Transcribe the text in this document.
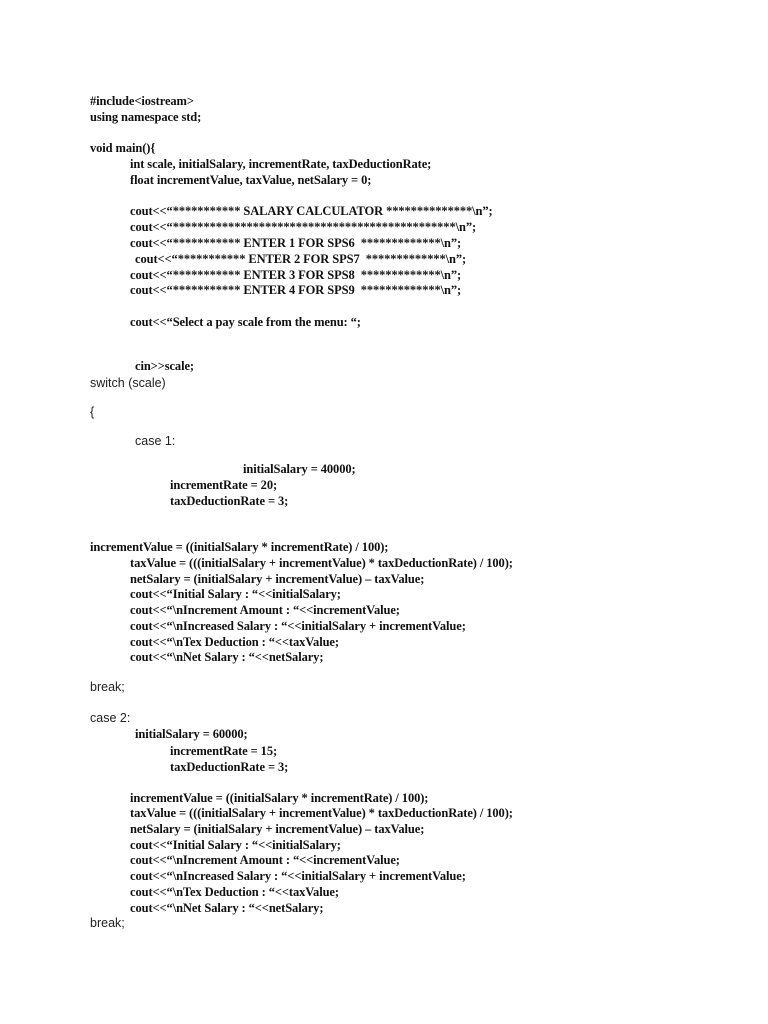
#include<iostream>
using namespace std;
void main(){
int scale, initialSalary, incrementRate, taxDeductionRate;
float incrementValue, taxValue, netSalary = 0;
cout<<“*********** SALARY CALCULATOR **************\n”;
cout<<“**********************************************\n”;
cout<<“*********** ENTER 1 FOR SPS6  *************\n”;
cout<<“*********** ENTER 2 FOR SPS7  *************\n”;
cout<<“*********** ENTER 3 FOR SPS8  *************\n”;
cout<<“*********** ENTER 4 FOR SPS9  *************\n”;
cout<<“Select a pay scale from the menu: “;
cin>>scale;
switch (scale)
{
case 1:
initialSalary = 40000;
incrementRate = 20;
taxDeductionRate = 3;
incrementValue = ((initialSalary * incrementRate) / 100);
taxValue = (((initialSalary + incrementValue) * taxDeductionRate) / 100);
netSalary = (initialSalary + incrementValue) – taxValue;
cout<<“Initial Salary : “<<initialSalary;
cout<<“\nIncrement Amount : “<<incrementValue;
cout<<“\nIncreased Salary : “<<initialSalary + incrementValue;
cout<<“\nTex Deduction : “<<taxValue;
cout<<“\nNet Salary : “<<netSalary;
break;
case 2:
initialSalary = 60000;
incrementRate = 15;
taxDeductionRate = 3;
incrementValue = ((initialSalary * incrementRate) / 100);
taxValue = (((initialSalary + incrementValue) * taxDeductionRate) / 100);
netSalary = (initialSalary + incrementValue) – taxValue;
cout<<“Initial Salary : “<<initialSalary;
cout<<“\nIncrement Amount : “<<incrementValue;
cout<<“\nIncreased Salary : “<<initialSalary + incrementValue;
cout<<“\nTex Deduction : “<<taxValue;
cout<<“\nNet Salary : “<<netSalary;
break;
